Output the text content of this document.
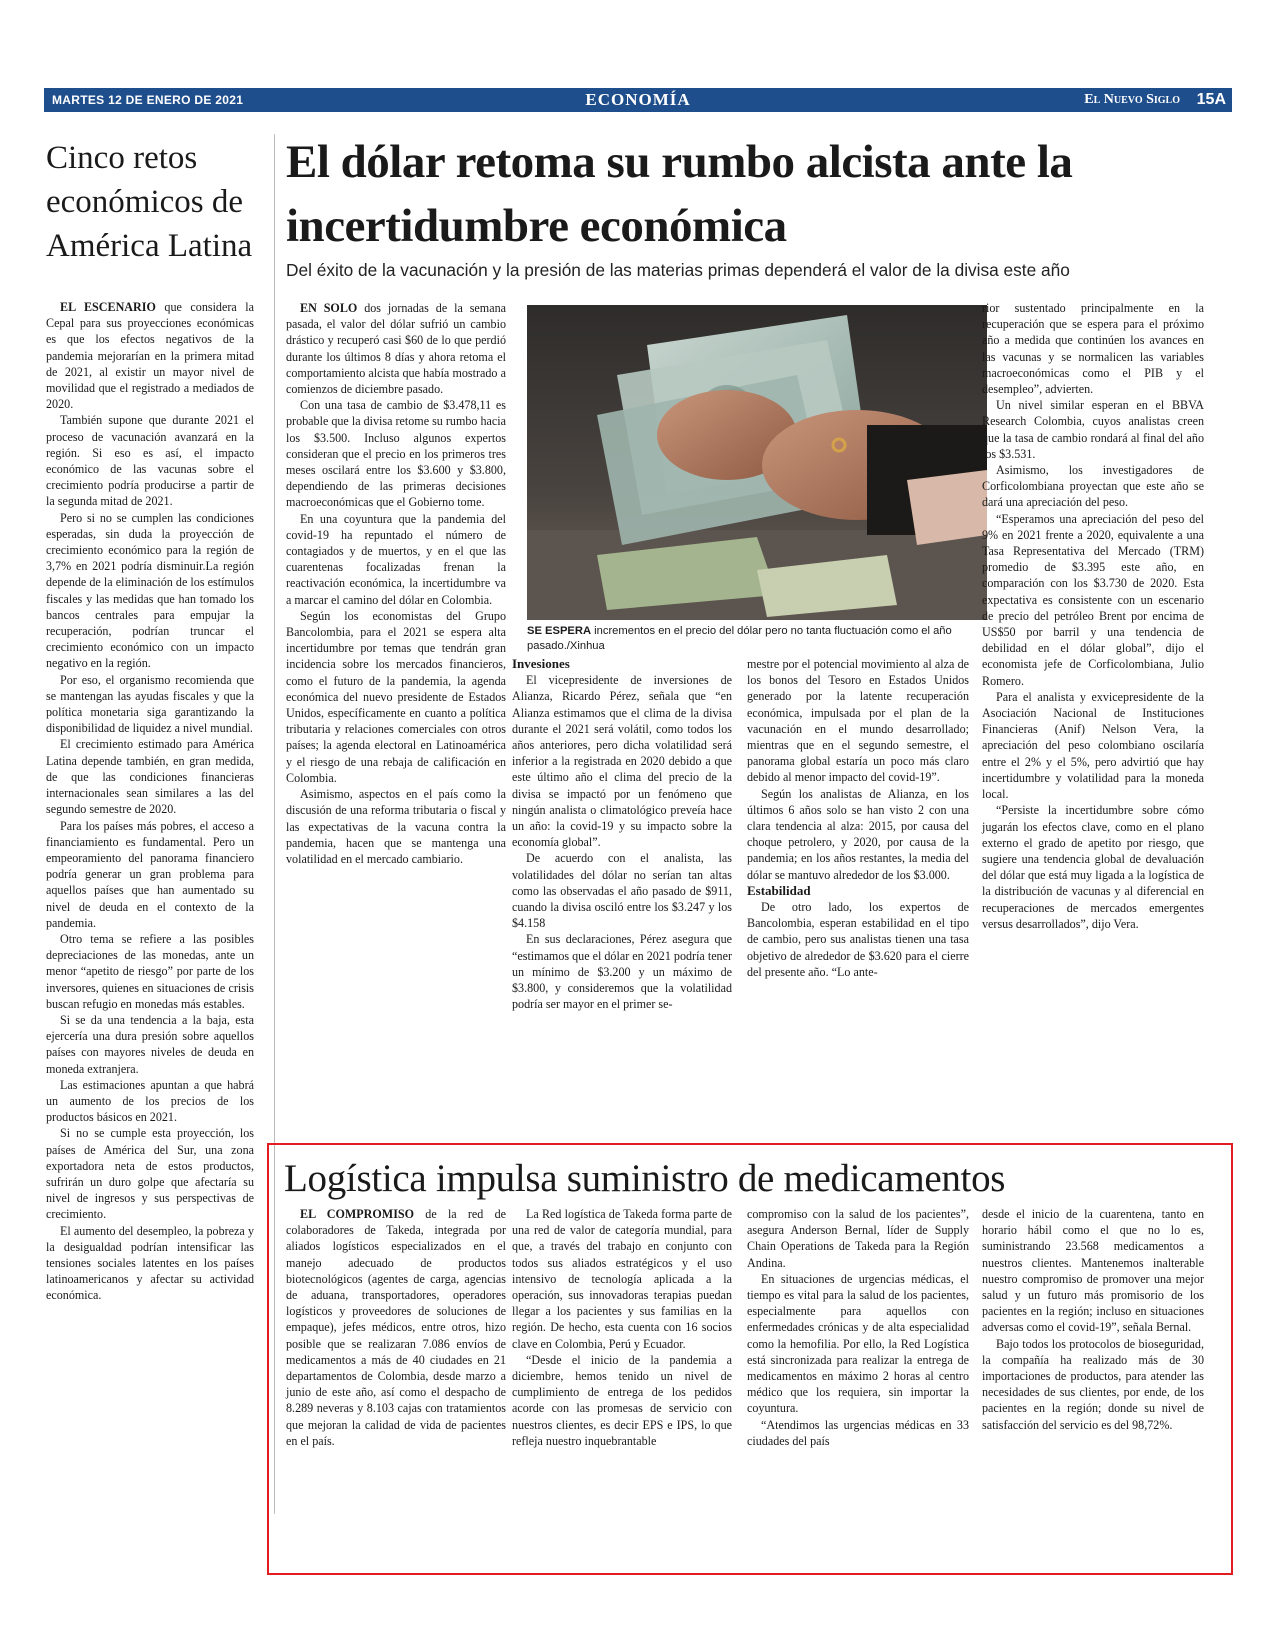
MARTES 12 DE ENERO DE 2021	ECONOMÍA	El Nuevo Siglo 15A
Cinco retos económicos de América Latina

EL ESCENARIO que considera la Cepal para sus proyecciones económicas es que los efectos negativos de la pandemia mejorarían en la primera mitad de 2021, al existir un mayor nivel de movilidad que el registrado a mediados de 2020.

También supone que durante 2021 el proceso de vacunación avanzará en la región. Si eso es así, el impacto económico de las vacunas sobre el crecimiento podría producirse a partir de la segunda mitad de 2021.

Pero si no se cumplen las condiciones esperadas, sin duda la proyección de crecimiento económico para la región de 3,7% en 2021 podría disminuir.La región depende de la eliminación de los estímulos fiscales y las medidas que han tomado los bancos centrales para empujar la recuperación, podrían truncar el crecimiento económico con un impacto negativo en la región.

Por eso, el organismo recomienda que se mantengan las ayudas fiscales y que la política monetaria siga garantizando la disponibilidad de liquidez a nivel mundial.

El crecimiento estimado para América Latina depende también, en gran medida, de que las condiciones financieras internacionales sean similares a las del segundo semestre de 2020.

Para los países más pobres, el acceso a financiamiento es fundamental. Pero un empeoramiento del panorama financiero podría generar un gran problema para aquellos países que han aumentado su nivel de deuda en el contexto de la pandemia.

Otro tema se refiere a las posibles depreciaciones de las monedas, ante un menor “apetito de riesgo” por parte de los inversores, quienes en situaciones de crisis buscan refugio en monedas más estables.

Si se da una tendencia a la baja, esta ejercería una dura presión sobre aquellos países con mayores niveles de deuda en moneda extranjera.

Las estimaciones apuntan a que habrá un aumento de los precios de los productos básicos en 2021.

Si no se cumple esta proyección, los países de América del Sur, una zona exportadora neta de estos productos, sufrirán un duro golpe que afectaría su nivel de ingresos y sus perspectivas de crecimiento.

El aumento del desempleo, la pobreza y la desigualdad podrían intensificar las tensiones sociales latentes en los países latinoamericanos y afectar su actividad económica.

El dólar retoma su rumbo alcista ante la incertidumbre económica
Del éxito de la vacunación y la presión de las materias primas dependerá el valor de la divisa este año

EN SOLO dos jornadas de la semana pasada, el valor del dólar sufrió un cambio drástico y recuperó casi $60 de lo que perdió durante los últimos 8 días y ahora retoma el comportamiento alcista que había mostrado a comienzos de diciembre pasado.

Con una tasa de cambio de $3.478,11 es probable que la divisa retome su rumbo hacia los $3.500. Incluso algunos expertos consideran que el precio en los primeros tres meses oscilará entre los $3.600 y $3.800, dependiendo de las primeras decisiones macroeconómicas que el Gobierno tome.

En una coyuntura que la pandemia del covid-19 ha repuntado el número de contagiados y de muertos, y en el que las cuarentenas focalizadas frenan la reactivación económica, la incertidumbre va a marcar el camino del dólar en Colombia.

Según los economistas del Grupo Bancolombia, para el 2021 se espera alta incertidumbre por temas que tendrán gran incidencia sobre los mercados financieros, como el futuro de la pandemia, la agenda económica del nuevo presidente de Estados Unidos, específicamente en cuanto a política tributaria y relaciones comerciales con otros países; la agenda electoral en Latinoamérica y el riesgo de una rebaja de calificación en Colombia.

Asimismo, aspectos en el país como la discusión de una reforma tributaria o fiscal y las expectativas de la vacuna contra la pandemia, hacen que se mantenga una volatilidad en el mercado cambiario.

SE ESPERA incrementos en el precio del dólar pero no tanta fluctuación como el año pasado./Xinhua

Invesiones

El vicepresidente de inversiones de Alianza, Ricardo Pérez, señala que “en Alianza estimamos que el clima de la divisa durante el 2021 será volátil, como todos los años anteriores, pero dicha volatilidad será inferior a la registrada en 2020 debido a que este último año el clima del precio de la divisa se impactó por un fenómeno que ningún analista o climatológico preveía hace un año: la covid-19 y su impacto sobre la economía global”.

De acuerdo con el analista, las volatilidades del dólar no serían tan altas como las observadas el año pasado de $911, cuando la divisa osciló entre los $3.247 y los $4.158

En sus declaraciones, Pérez asegura que “estimamos que el dólar en 2021 podría tener un mínimo de $3.200 y un máximo de $3.800, y consideremos que la volatilidad podría ser mayor en el primer se-

mestre por el potencial movimiento al alza de los bonos del Tesoro en Estados Unidos generado por la latente recuperación económica, impulsada por el plan de la vacunación en el mundo desarrollado; mientras que en el segundo semestre, el panorama global estaría un poco más claro debido al menor impacto del covid-19”.

Según los analistas de Alianza, en los últimos 6 años solo se han visto 2 con una clara tendencia al alza: 2015, por causa del choque petrolero, y 2020, por causa de la pandemia; en los años restantes, la media del dólar se mantuvo alrededor de los $3.000.

Estabilidad

De otro lado, los expertos de Bancolombia, esperan estabilidad en el tipo de cambio, pero sus analistas tienen una tasa objetivo de alrededor de $3.620 para el cierre del presente año. “Lo ante-

rior sustentado principalmente en la recuperación que se espera para el próximo año a medida que continúen los avances en las vacunas y se normalicen las variables macroeconómicas como el PIB y el desempleo”, advierten.

Un nivel similar esperan en el BBVA Research Colombia, cuyos analistas creen que la tasa de cambio rondará al final del año los $3.531.

Asimismo, los investigadores de Corficolombiana proyectan que este año se dará una apreciación del peso.

“Esperamos una apreciación del peso del 9% en 2021 frente a 2020, equivalente a una Tasa Representativa del Mercado (TRM) promedio de $3.395 este año, en comparación con los $3.730 de 2020. Esta expectativa es consistente con un escenario de precio del petróleo Brent por encima de US$50 por barril y una tendencia de debilidad en el dólar global”, dijo el economista jefe de Corficolombiana, Julio Romero.

Para el analista y exvicepresidente de la Asociación Nacional de Instituciones Financieras (Anif) Nelson Vera, la apreciación del peso colombiano oscilaría entre el 2% y el 5%, pero advirtió que hay incertidumbre y volatilidad para la moneda local.

“Persiste la incertidumbre sobre cómo jugarán los efectos clave, como en el plano externo el grado de apetito por riesgo, que sugiere una tendencia global de devaluación del dólar que está muy ligada a la logística de la distribución de vacunas y al diferencial en recuperaciones de mercados emergentes versus desarrollados”, dijo Vera.

Logística impulsa suministro de medicamentos

EL COMPROMISO de la red de colaboradores de Takeda, integrada por aliados logísticos especializados en el manejo adecuado de productos biotecnológicos (agentes de carga, agencias de aduana, transportadores, operadores logísticos y proveedores de soluciones de empaque), jefes médicos, entre otros, hizo posible que se realizaran 7.086 envíos de medicamentos a más de 40 ciudades en 21 departamentos de Colombia, desde marzo a junio de este año, así como el despacho de 8.289 neveras y 8.103 cajas con tratamientos que mejoran la calidad de vida de pacientes en el país.

La Red logística de Takeda forma parte de una red de valor de categoría mundial, para que, a través del trabajo en conjunto con todos sus aliados estratégicos y el uso intensivo de tecnología aplicada a la operación, sus innovadoras terapias puedan llegar a los pacientes y sus familias en la región. De hecho, esta cuenta con 16 socios clave en Colombia, Perú y Ecuador.

“Desde el inicio de la pandemia a diciembre, hemos tenido un nivel de cumplimiento de entrega de los pedidos acorde con las promesas de servicio con nuestros clientes, es decir EPS e IPS, lo que refleja nuestro inquebrantable

compromiso con la salud de los pacientes”, asegura Anderson Bernal, líder de Supply Chain Operations de Takeda para la Región Andina.

En situaciones de urgencias médicas, el tiempo es vital para la salud de los pacientes, especialmente para aquellos con enfermedades crónicas y de alta especialidad como la hemofilia. Por ello, la Red Logística está sincronizada para realizar la entrega de medicamentos en máximo 2 horas al centro médico que los requiera, sin importar la coyuntura.

“Atendimos las urgencias médicas en 33 ciudades del país

desde el inicio de la cuarentena, tanto en horario hábil como el que no lo es, suministrando 23.568 medicamentos a nuestros clientes. Mantenemos inalterable nuestro compromiso de promover una mejor salud y un futuro más promisorio de los pacientes en la región; incluso en situaciones adversas como el covid-19”, señala Bernal.

Bajo todos los protocolos de bioseguridad, la compañía ha realizado más de 30 importaciones de productos, para atender las necesidades de sus clientes, por ende, de los pacientes en la región; donde su nivel de satisfacción del servicio es del 98,72%.
